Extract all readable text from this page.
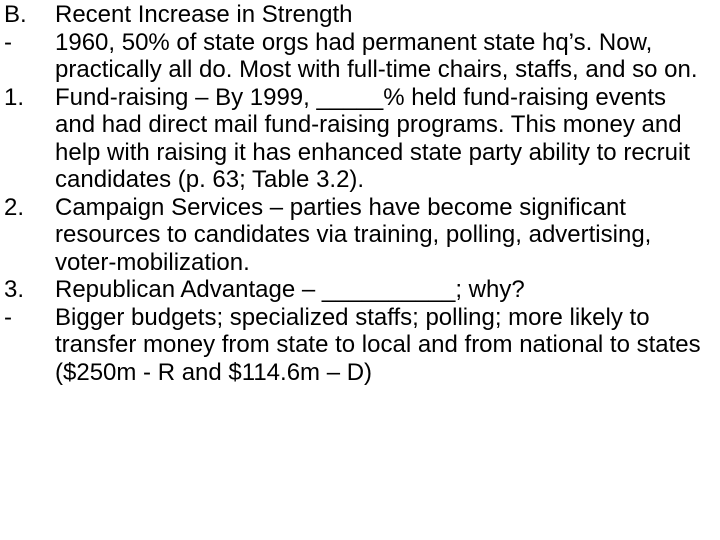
B.	Recent Increase in Strength
-	1960, 50% of state orgs had permanent state hq’s. Now, practically all do. Most with full-time chairs, staffs, and so on.
1.	Fund-raising – By 1999, _____% held fund-raising events and had direct mail fund-raising programs. This money and help with raising it has enhanced state party ability to recruit candidates (p. 63; Table 3.2).
2.	Campaign Services – parties have become significant resources to candidates via training, polling, advertising, voter-mobilization.
3.	Republican Advantage – __________; why?
-	Bigger budgets; specialized staffs; polling; more likely to transfer money from state to local and from national to states ($250m - R and $114.6m – D)
